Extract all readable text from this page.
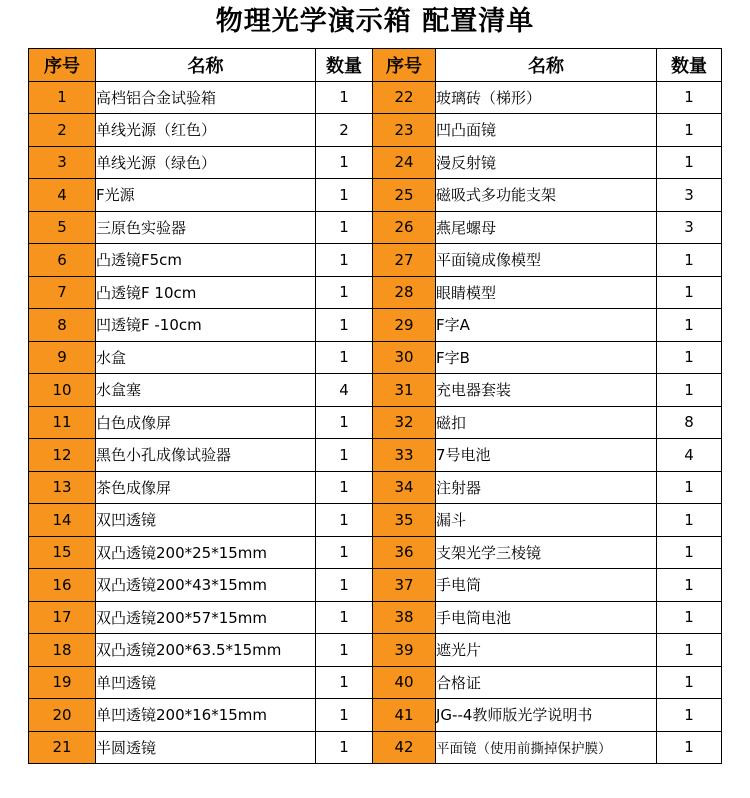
物理光学演示箱 配置清单
序号	名称	数量	序号	名称	数量
1	高档铝合金试验箱	1	22	玻璃砖（梯形）	1
2	单线光源（红色）	2	23	凹凸面镜	1
3	单线光源（绿色）	1	24	漫反射镜	1
4	F光源	1	25	磁吸式多功能支架	3
5	三原色实验器	1	26	燕尾螺母	3
6	凸透镜F5cm	1	27	平面镜成像模型	1
7	凸透镜F 10cm	1	28	眼睛模型	1
8	凹透镜F -10cm	1	29	F字A	1
9	水盒	1	30	F字B	1
10	水盒塞	4	31	充电器套装	1
11	白色成像屏	1	32	磁扣	8
12	黑色小孔成像试验器	1	33	7号电池	4
13	茶色成像屏	1	34	注射器	1
14	双凹透镜	1	35	漏斗	1
15	双凸透镜200*25*15mm	1	36	支架光学三棱镜	1
16	双凸透镜200*43*15mm	1	37	手电筒	1
17	双凸透镜200*57*15mm	1	38	手电筒电池	1
18	双凸透镜200*63.5*15mm	1	39	遮光片	1
19	单凹透镜	1	40	合格证	1
20	单凹透镜200*16*15mm	1	41	JG--4教师版光学说明书	1
21	半圆透镜	1	42	平面镜（使用前撕掉保护膜）	1
